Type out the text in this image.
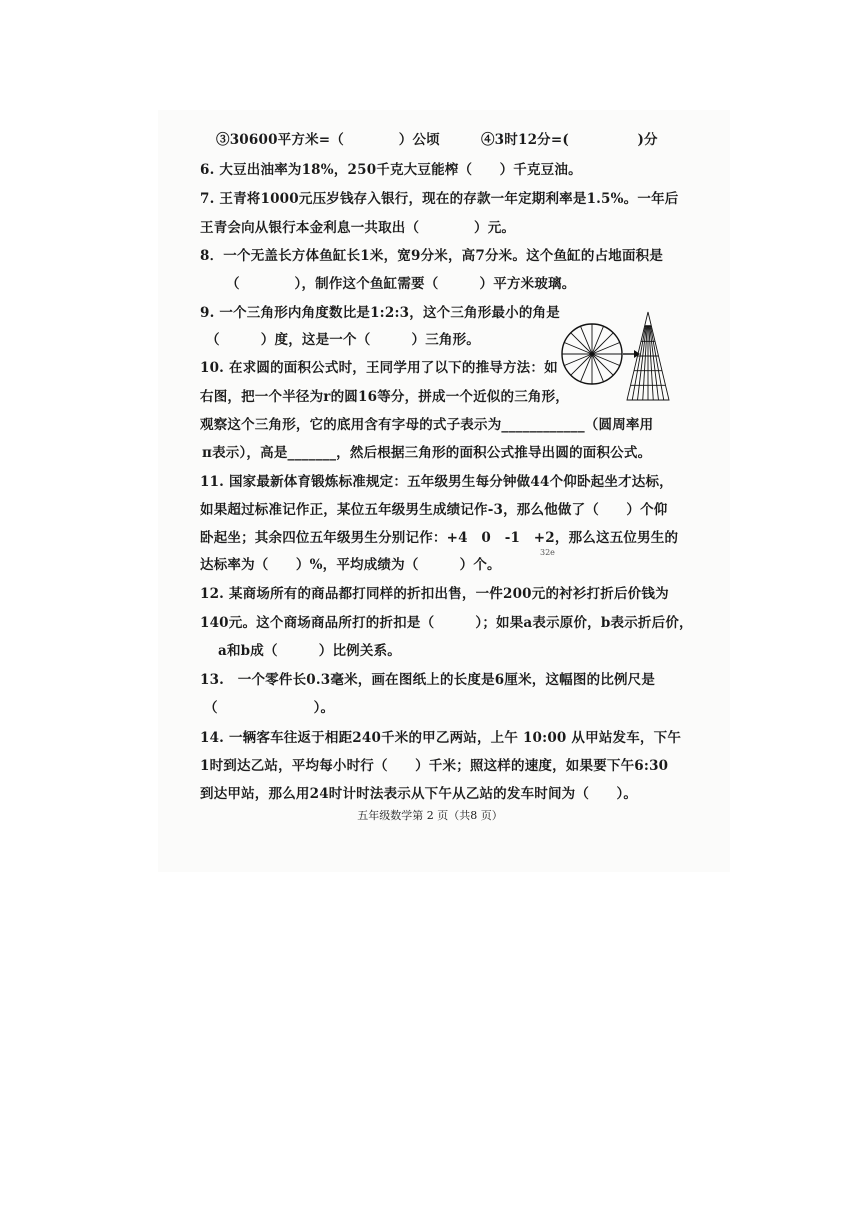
③30600平方米=（　　　　）公顷　　　④3时12分=(　　　　　)分
6. 大豆出油率为18%，250千克大豆能榨（　　）千克豆油。
7. 王青将1000元压岁钱存入银行，现在的存款一年定期利率是1.5%。一年后
王青会向从银行本金利息一共取出（　　　　）元。
8．一个无盖长方体鱼缸长1米，宽9分米，高7分米。这个鱼缸的占地面积是
（　　　　），制作这个鱼缸需要（　　　）平方米玻璃。
9. 一个三角形内角度数比是1:2:3，这个三角形最小的角是
（　　　）度，这是一个（　　　）三角形。
10. 在求圆的面积公式时，王同学用了以下的推导方法：如
右图，把一个半径为r的圆16等分，拼成一个近似的三角形，
观察这个三角形，它的底用含有字母的式子表示为____________（圆周率用
π表示），高是_______，然后根据三角形的面积公式推导出圆的面积公式。
11. 国家最新体育锻炼标准规定：五年级男生每分钟做44个仰卧起坐才达标，
如果超过标准记作正，某位五年级男生成绩记作-3，那么他做了（　　）个仰
卧起坐；其余四位五年级男生分别记作：+4　0　-1　+2，那么这五位男生的
达标率为（　　）%，平均成绩为（　　　）个。
12. 某商场所有的商品都打同样的折扣出售，一件200元的衬衫打折后价钱为
140元。这个商场商品所打的折扣是（　　　）；如果a表示原价，b表示折后价，
a和b成（　　　）比例关系。
13.　一个零件长0.3毫米，画在图纸上的长度是6厘米，这幅图的比例尺是
（　　　　　　　）。
14. 一辆客车往返于相距240千米的甲乙两站，上午 10:00 从甲站发车，下午
1时到达乙站，平均每小时行（　　）千米；照这样的速度，如果要下午6:30
到达甲站，那么用24时计时法表示从下午从乙站的发车时间为（　　）。
32e
五年级数学第 2 页（共8 页）
